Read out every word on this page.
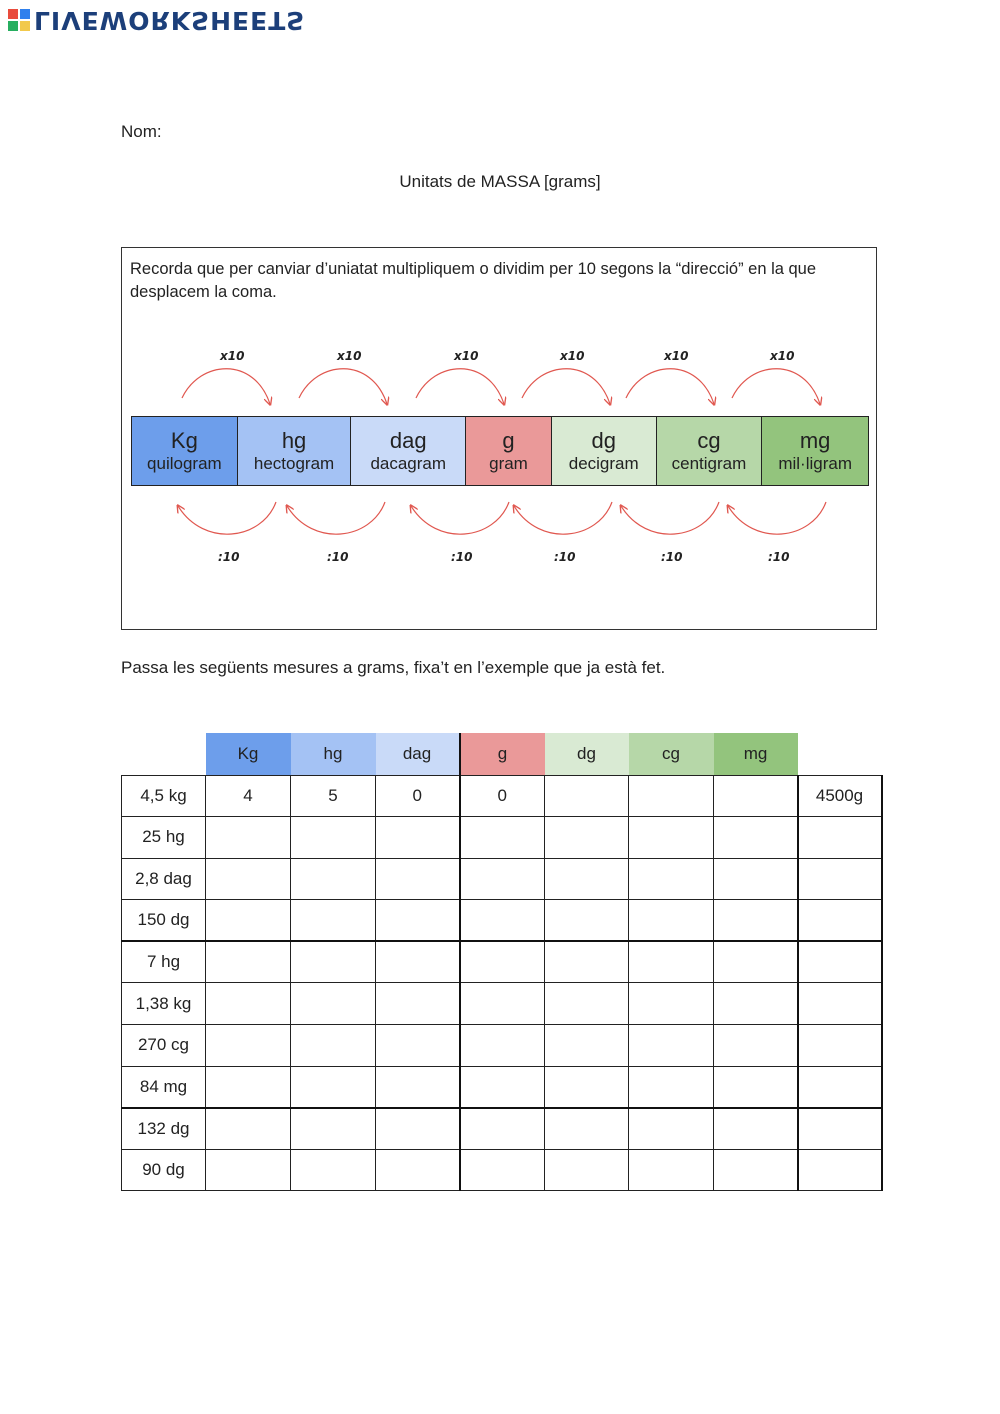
LIVEWORKSHEETS
Nom:
Unitats de MASSA [grams]
Recorda que per canviar d’uniatat multipliquem o dividim per 10 segons la “direcció” en la que desplacem la coma.
x10	x10	x10	x10	x10	x10
:10	:10	:10	:10	:10	:10
Kg
quilogram
hg
hectogram
dag
dacagram
g
gram
dg
decigram
cg
centigram
mg
mil·ligram
Passa les següents mesures a grams, fixa’t en l’exemple que ja està fet.
	Kg	hg	dag	g	dg	cg	mg	
4,5 kg	4	5	0	0				4500g
25 hg								
2,8 dag								
150 dg								
7 hg								
1,38 kg								
270 cg								
84 mg								
132 dg								
90 dg								
